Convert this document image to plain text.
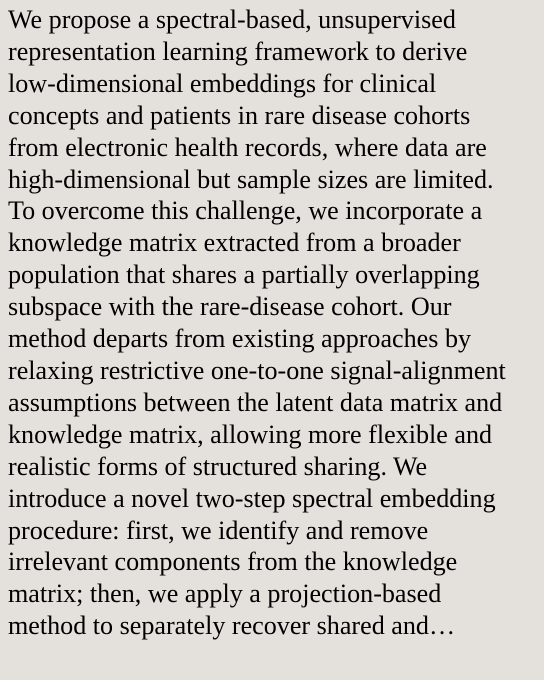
We propose a spectral-based, unsupervised
representation learning framework to derive
low-dimensional embeddings for clinical
concepts and patients in rare disease cohorts
from electronic health records, where data are
high-dimensional but sample sizes are limited.
To overcome this challenge, we incorporate a
knowledge matrix extracted from a broader
population that shares a partially overlapping
subspace with the rare-disease cohort. Our
method departs from existing approaches by
relaxing restrictive one-to-one signal-alignment
assumptions between the latent data matrix and
knowledge matrix, allowing more flexible and
realistic forms of structured sharing. We
introduce a novel two-step spectral embedding
procedure: first, we identify and remove
irrelevant components from the knowledge
matrix; then, we apply a projection-based
method to separately recover shared and…
